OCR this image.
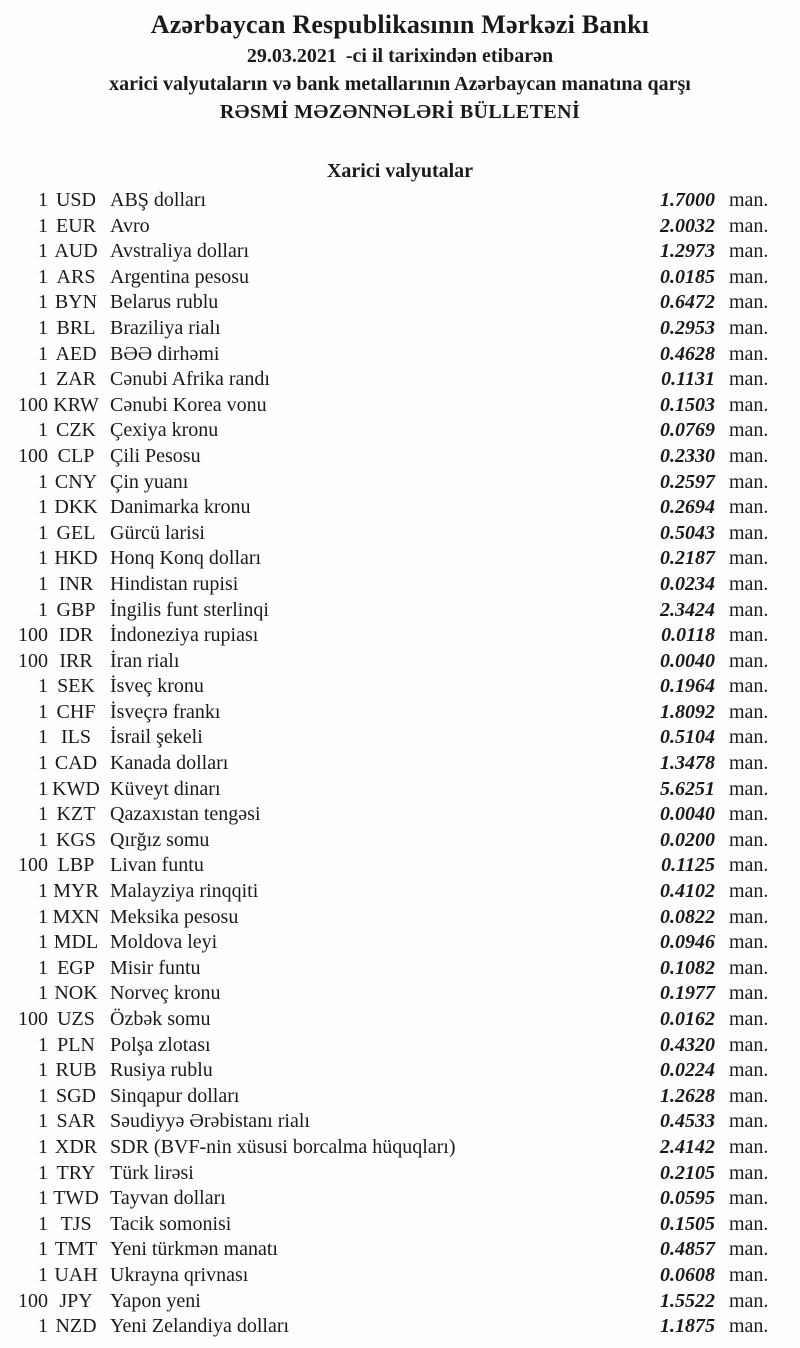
Azərbaycan Respublikasının Mərkəzi Bankı
29.03.2021 -ci il tarixindən etibarən
xarici valyutaların və bank metallarının Azərbaycan manatına qarşı
RƏSMİ MƏZƏNNƏLƏRİ BÜLLETENİ
Xarici valyutalar
1 USD ABŞ dolları	1.7000 man.
1 EUR Avro	2.0032 man.
1 AUD Avstraliya dolları	1.2973 man.
1 ARS Argentina pesosu	0.0185 man.
1 BYN Belarus rublu	0.6472 man.
1 BRL Braziliya rialı	0.2953 man.
1 AED BƏƏ dirhəmi	0.4628 man.
1 ZAR Cənubi Afrika randı	0.1131 man.
100 KRW Cənubi Korea vonu	0.1503 man.
1 CZK Çexiya kronu	0.0769 man.
100 CLP Çili Pesosu	0.2330 man.
1 CNY Çin yuanı	0.2597 man.
1 DKK Danimarka kronu	0.2694 man.
1 GEL Gürcü larisi	0.5043 man.
1 HKD Honq Konq dolları	0.2187 man.
1 INR Hindistan rupisi	0.0234 man.
1 GBP İngilis funt sterlinqi	2.3424 man.
100 IDR İndoneziya rupiası	0.0118 man.
100 IRR İran rialı	0.0040 man.
1 SEK İsveç kronu	0.1964 man.
1 CHF İsveçrə frankı	1.8092 man.
1 ILS İsrail şekeli	0.5104 man.
1 CAD Kanada dolları	1.3478 man.
1 KWD Küveyt dinarı	5.6251 man.
1 KZT Qazaxıstan tengəsi	0.0040 man.
1 KGS Qırğız somu	0.0200 man.
100 LBP Livan funtu	0.1125 man.
1 MYR Malayziya rinqqiti	0.4102 man.
1 MXN Meksika pesosu	0.0822 man.
1 MDL Moldova leyi	0.0946 man.
1 EGP Misir funtu	0.1082 man.
1 NOK Norveç kronu	0.1977 man.
100 UZS Özbək somu	0.0162 man.
1 PLN Polşa zlotası	0.4320 man.
1 RUB Rusiya rublu	0.0224 man.
1 SGD Sinqapur dolları	1.2628 man.
1 SAR Səudiyyə Ərəbistanı rialı	0.4533 man.
1 XDR SDR (BVF-nin xüsusi borcalma hüquqları)	2.4142 man.
1 TRY Türk lirəsi	0.2105 man.
1 TWD Tayvan dolları	0.0595 man.
1 TJS Tacik somonisi	0.1505 man.
1 TMT Yeni türkmən manatı	0.4857 man.
1 UAH Ukrayna qrivnası	0.0608 man.
100 JPY Yapon yeni	1.5522 man.
1 NZD Yeni Zelandiya dolları	1.1875 man.
